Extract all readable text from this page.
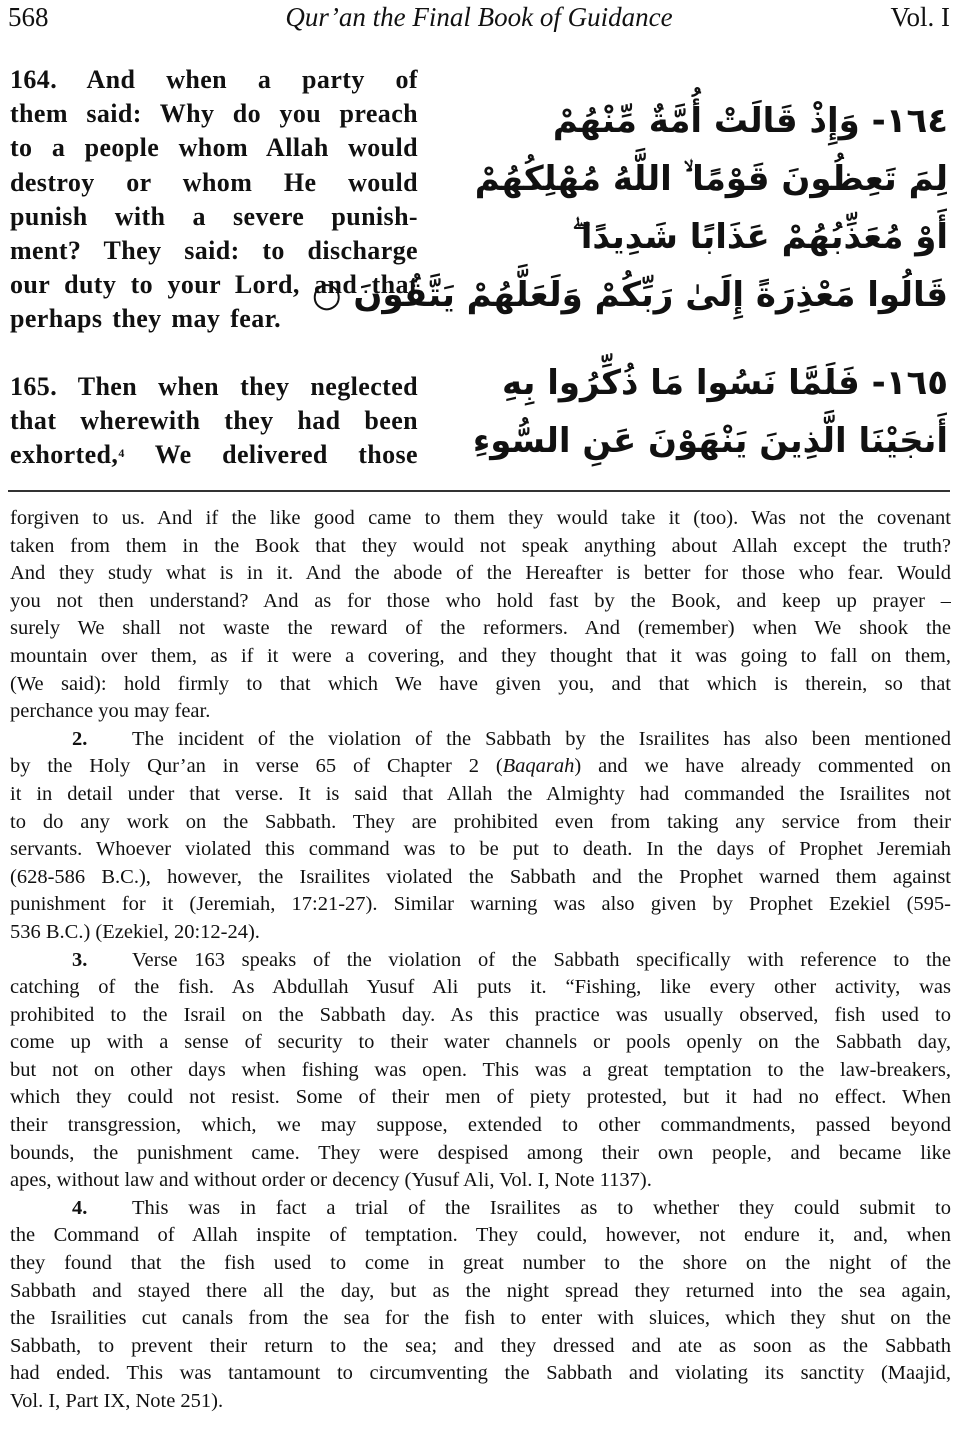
568	Qur’an the Final Book of Guidance	Vol. I
164. And when a party of
them said: Why do you preach
to a people whom Allah would
destroy or whom He would
punish with a severe punish-
ment? They said: to discharge
our duty to your Lord, and that
perhaps they may fear.
١٦٤- وَإِذْ قَالَتْ أُمَّةٌ مِّنْهُمْ
لِمَ تَعِظُونَ قَوْمًا ۙ اللَّهُ مُهْلِكُهُمْ
أَوْ مُعَذِّبُهُمْ عَذَابًا شَدِيدًا ۖ
قَالُوا مَعْذِرَةً إِلَىٰ رَبِّكُمْ وَلَعَلَّهُمْ يَتَّقُونَ ○
165. Then when they neglected
that wherewith they had been
exhorted,$^4$ We delivered those
١٦٥- فَلَمَّا نَسُوا مَا ذُكِّرُوا بِهِ
أَنجَيْنَا الَّذِينَ يَنْهَوْنَ عَنِ السُّوءِ
forgiven to us. And if the like good came to them they would take it (too). Was not the covenant
taken from them in the Book that they would not speak anything about Allah except the truth?
And they study what is in it. And the abode of the Hereafter is better for those who fear. Would
you not then understand? And as for those who hold fast by the Book, and keep up prayer –
surely We shall not waste the reward of the reformers. And (remember) when We shook the
mountain over them, as if it were a covering, and they thought that it was going to fall on them,
(We said): hold firmly to that which We have given you, and that which is therein, so that
perchance you may fear.
2. The incident of the violation of the Sabbath by the Israilites has also been mentioned
by the Holy Qur’an in verse 65 of Chapter 2 (Baqarah) and we have already commented on
it in detail under that verse. It is said that Allah the Almighty had commanded the Israilites not
to do any work on the Sabbath. They are prohibited even from taking any service from their
servants. Whoever violated this command was to be put to death. In the days of Prophet Jeremiah
(628-586 B.C.), however, the Israilites violated the Sabbath and the Prophet warned them against
punishment for it (Jeremiah, 17:21-27). Similar warning was also given by Prophet Ezekiel (595-
536 B.C.) (Ezekiel, 20:12-24).
3. Verse 163 speaks of the violation of the Sabbath specifically with reference to the
catching of the fish. As Abdullah Yusuf Ali puts it. “Fishing, like every other activity, was
prohibited to the Israil on the Sabbath day. As this practice was usually observed, fish used to
come up with a sense of security to their water channels or pools openly on the Sabbath day,
but not on other days when fishing was open. This was a great temptation to the law-breakers,
which they could not resist. Some of their men of piety protested, but it had no effect. When
their transgression, which, we may suppose, extended to other commandments, passed beyond
bounds, the punishment came. They were despised among their own people, and became like
apes, without law and without order or decency (Yusuf Ali, Vol. I, Note 1137).
4. This was in fact a trial of the Israilites as to whether they could submit to
the Command of Allah inspite of temptation. They could, however, not endure it, and, when
they found that the fish used to come in great number to the shore on the night of the
Sabbath and stayed there all the day, but as the night spread they returned into the sea again,
the Israilities cut canals from the sea for the fish to enter with sluices, which they shut on the
Sabbath, to prevent their return to the sea; and they dressed and ate as soon as the Sabbath
had ended. This was tantamount to circumventing the Sabbath and violating its sanctity (Maajid,
Vol. I, Part IX, Note 251).
